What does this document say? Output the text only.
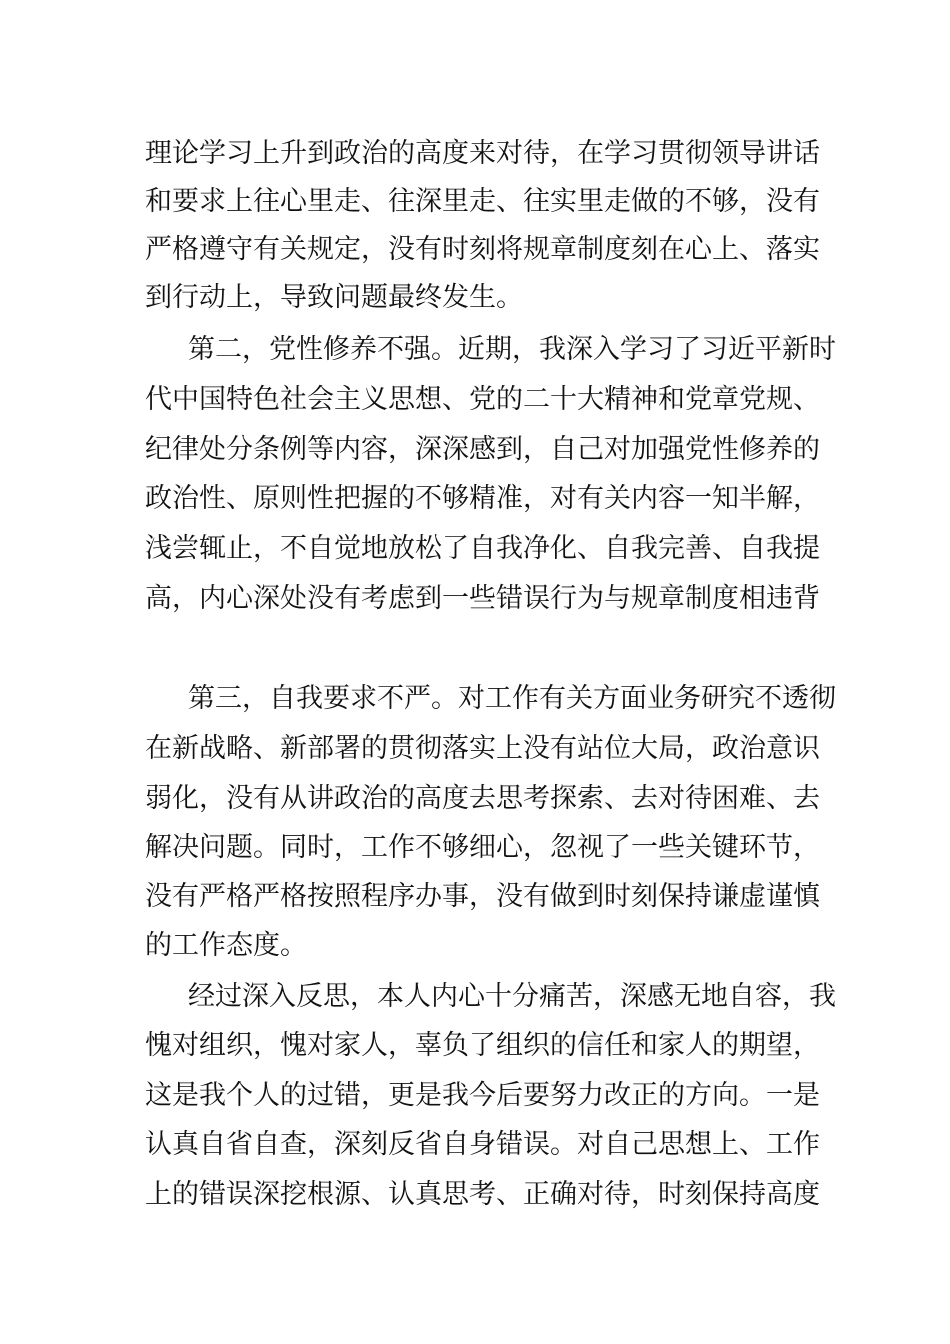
理论学习上升到政治的高度来对待，在学习贯彻领导讲话
和要求上往心里走、往深里走、往实里走做的不够，没有
严格遵守有关规定，没有时刻将规章制度刻在心上、落实
到行动上，导致问题最终发生。
第二，党性修养不强。近期，我深入学习了习近平新时
代中国特色社会主义思想、党的二十大精神和党章党规、
纪律处分条例等内容，深深感到，自己对加强党性修养的
政治性、原则性把握的不够精准，对有关内容一知半解，
浅尝辄止，不自觉地放松了自我净化、自我完善、自我提
高，内心深处没有考虑到一些错误行为与规章制度相违背
第三，自我要求不严。对工作有关方面业务研究不透彻
在新战略、新部署的贯彻落实上没有站位大局，政治意识
弱化，没有从讲政治的高度去思考探索、去对待困难、去
解决问题。同时，工作不够细心，忽视了一些关键环节，
没有严格严格按照程序办事，没有做到时刻保持谦虚谨慎
的工作态度。
经过深入反思，本人内心十分痛苦，深感无地自容，我
愧对组织，愧对家人，辜负了组织的信任和家人的期望，
这是我个人的过错，更是我今后要努力改正的方向。一是
认真自省自查，深刻反省自身错误。对自己思想上、工作
上的错误深挖根源、认真思考、正确对待，时刻保持高度
